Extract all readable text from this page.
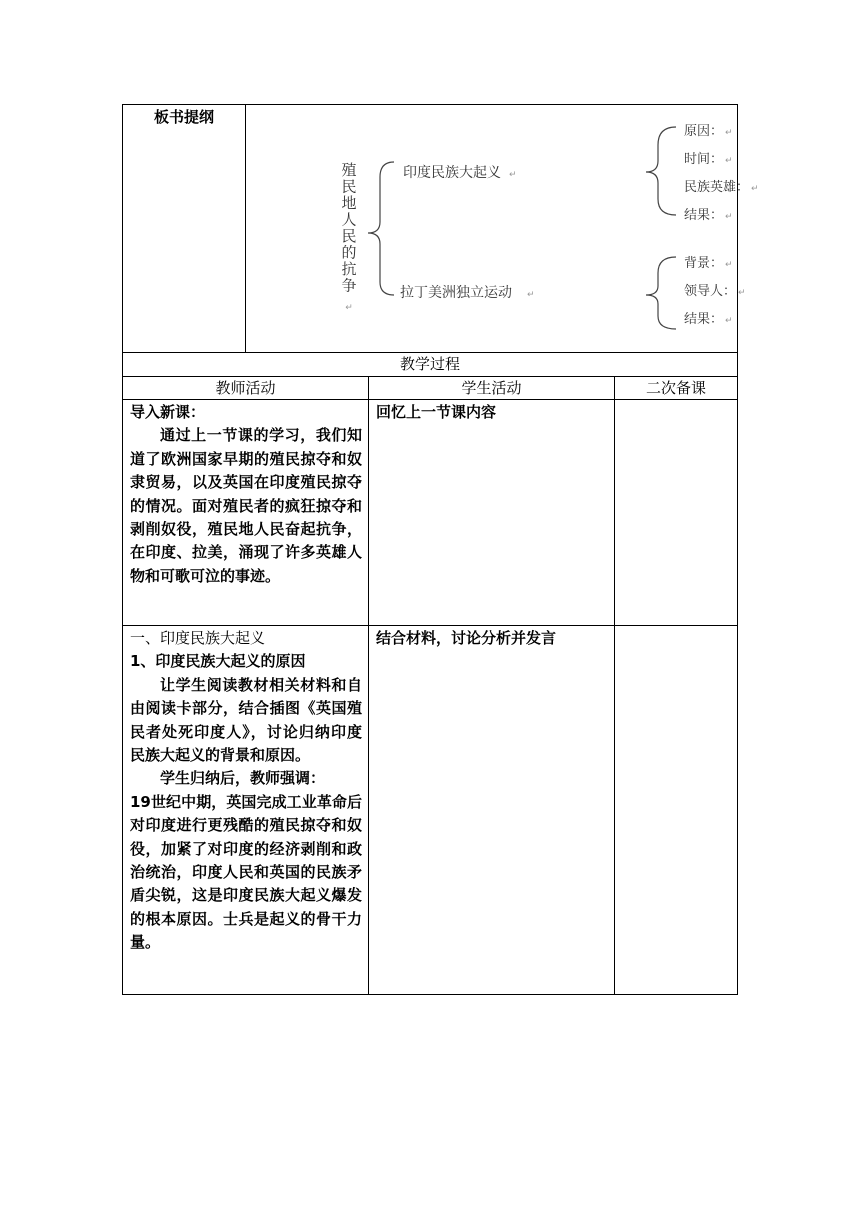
板书提纲
殖民地人民的抗争
↵
印度民族大起义 ↵
原因： ↵
时间： ↵
民族英雄： ↵
结果： ↵
拉丁美洲独立运动 ↵
背景： ↵
领导人： ↵
结果： ↵
教学过程
教师活动	学生活动	二次备课

导入新课：

通过上一节课的学习，我们知道了欧洲国家早期的殖民掠夺和奴隶贸易，以及英国在印度殖民掠夺的情况。面对殖民者的疯狂掠夺和剥削奴役，殖民地人民奋起抗争，在印度、拉美，涌现了许多英雄人物和可歌可泣的事迹。

回忆上一节课内容

一、印度民族大起义

1、印度民族大起义的原因

让学生阅读教材相关材料和自由阅读卡部分，结合插图《英国殖民者处死印度人》，讨论归纳印度民族大起义的背景和原因。

学生归纳后，教师强调：

19世纪中期，英国完成工业革命后对印度进行更残酷的殖民掠夺和奴役，加紧了对印度的经济剥削和政治统治，印度人民和英国的民族矛盾尖锐，这是印度民族大起义爆发的根本原因。士兵是起义的骨干力量。

结合材料，讨论分析并发言
